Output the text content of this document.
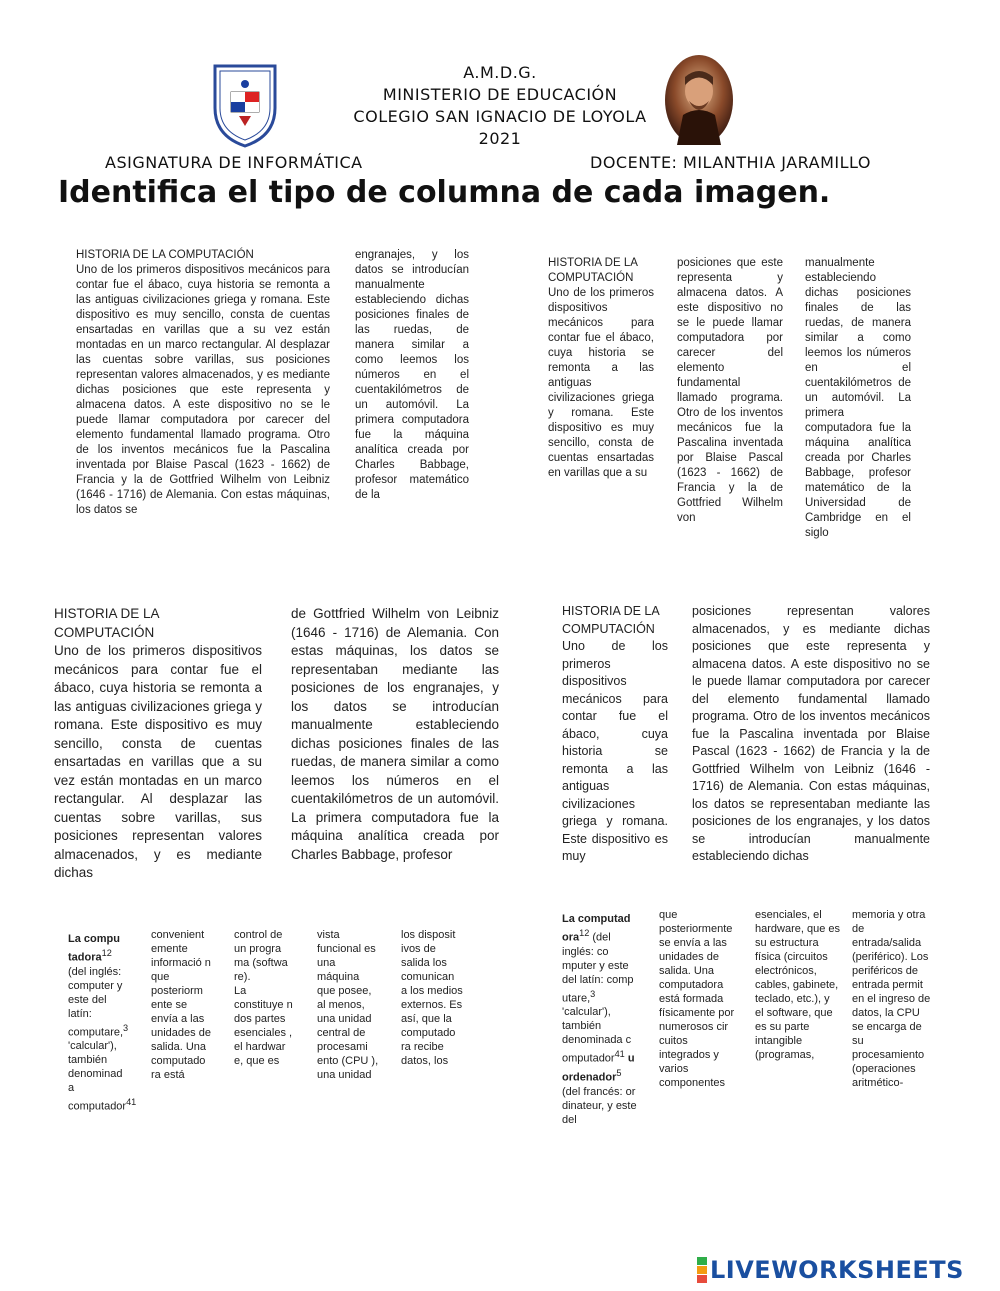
A.M.D.G.
MINISTERIO DE EDUCACIÓN
COLEGIO SAN IGNACIO DE LOYOLA
2021
ASIGNATURA DE INFORMÁTICA	DOCENTE: MILANTHIA JARAMILLO
Identifica el tipo de columna de cada imagen.
HISTORIA DE LA COMPUTACIÓN
Uno de los primeros dispositivos mecánicos para contar fue el ábaco, cuya historia se remonta a las antiguas civilizaciones griega y romana. Este dispositivo es muy sencillo, consta de cuentas ensartadas en varillas que a su vez están montadas en un marco rectangular. Al desplazar las cuentas sobre varillas, sus posiciones representan valores almacenados, y es mediante dichas posiciones que este representa y almacena datos. A este dispositivo no se le puede llamar computadora por carecer del elemento fundamental llamado programa. Otro de los inventos mecánicos fue la Pascalina inventada por Blaise Pascal (1623 - 1662) de Francia y la de Gottfried Wilhelm von Leibniz (1646 - 1716) de Alemania. Con estas máquinas, los datos se
engranajes, y los datos se introducían manualmente estableciendo dichas posiciones finales de las ruedas, de manera similar a como leemos los números en el cuentakilómetros de un automóvil. La primera computadora fue la máquina analítica creada por Charles Babbage, profesor matemático de la
HISTORIA DE LA COMPUTACIÓN
Uno de los primeros dispositivos mecánicos para contar fue el ábaco, cuya historia se remonta a las antiguas civilizaciones griega y romana. Este dispositivo es muy sencillo, consta de cuentas ensartadas en varillas que a su
posiciones que este representa y almacena datos. A este dispositivo no se le puede llamar computadora por carecer del elemento fundamental llamado programa. Otro de los inventos mecánicos fue la Pascalina inventada por Blaise Pascal (1623 - 1662) de Francia y la de Gottfried Wilhelm von
manualmente estableciendo dichas posiciones finales de las ruedas, de manera similar a como leemos los números en el cuentakilómetros de un automóvil. La primera computadora fue la máquina analítica creada por Charles Babbage, profesor matemático de la Universidad de Cambridge en el siglo
HISTORIA DE LA COMPUTACIÓN
Uno de los primeros dispositivos mecánicos para contar fue el ábaco, cuya historia se remonta a las antiguas civilizaciones griega y romana. Este dispositivo es muy sencillo, consta de cuentas ensartadas en varillas que a su vez están montadas en un marco rectangular. Al desplazar las cuentas sobre varillas, sus posiciones representan valores almacenados, y es mediante dichas
de Gottfried Wilhelm von Leibniz (1646 - 1716) de Alemania. Con estas máquinas, los datos se representaban mediante las posiciones de los engranajes, y los datos se introducían manualmente estableciendo dichas posiciones finales de las ruedas, de manera similar a como leemos los números en el cuentakilómetros de un automóvil. La primera computadora fue la máquina analítica creada por Charles Babbage, profesor
HISTORIA DE LA COMPUTACIÓN
Uno de los primeros dispositivos mecánicos para contar fue el ábaco, cuya historia se remonta a las antiguas civilizaciones griega y romana. Este dispositivo es muy
posiciones representan valores almacenados, y es mediante dichas posiciones que este representa y almacena datos. A este dispositivo no se le puede llamar computadora por carecer del elemento fundamental llamado programa. Otro de los inventos mecánicos fue la Pascalina inventada por Blaise Pascal (1623 - 1662) de Francia y la de Gottfried Wilhelm von Leibniz (1646 - 1716) de Alemania. Con estas máquinas, los datos se representaban mediante las posiciones de los engranajes, y los datos se introducían manualmente estableciendo dichas
La compu tadora$^{12}$ (del inglés: computer y este del latín: computare,$^3$ 'calcular'), también denominad a computador$^{41}$
convenient emente informació n que posteriorm ente se envía a las unidades de salida. Una computado ra está
control de un progra ma (softwa re).
La constituye n dos partes esenciales ,
el hardwar e, que es
vista funcional es una máquina que posee, al menos, una unidad central de procesami ento (CPU ), una unidad
los disposit ivos de salida los comunican a los medios externos. Es así, que la computado ra recibe datos, los
La computad ora$^{12}$ (del inglés: co mputer y este del latín: comp utare,$^3$ 'calcular'), también denominada c omputador$^{41}$ u ordenador$^5$ (del francés: or dinateur, y este del
que posteriormente se envía a las unidades de salida. Una computadora está formada físicamente por numerosos cir cuitos integrados y varios componentes
esenciales, el hardware, que es su estructura física (circuitos electrónicos, cables, gabinete, teclado, etc.), y el software, que es su parte intangible (programas,
memoria y otra de entrada/salida (periférico). Los periféricos de entrada permit en el ingreso de datos, la CPU se encarga de su procesamiento (operaciones aritmético-
LIVEWORKSHEETS
